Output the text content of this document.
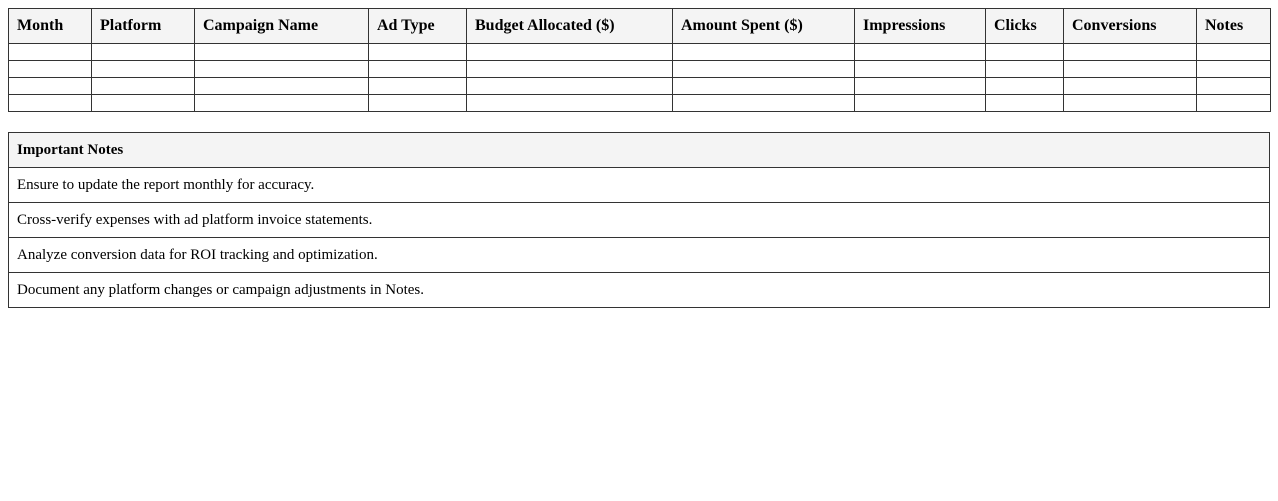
Month	Platform	Campaign Name	Ad Type	Budget Allocated ($)	Amount Spent ($)	Impressions	Clicks	Conversions	Notes

Important Notes
Ensure to update the report monthly for accuracy.
Cross-verify expenses with ad platform invoice statements.
Analyze conversion data for ROI tracking and optimization.
Document any platform changes or campaign adjustments in Notes.
